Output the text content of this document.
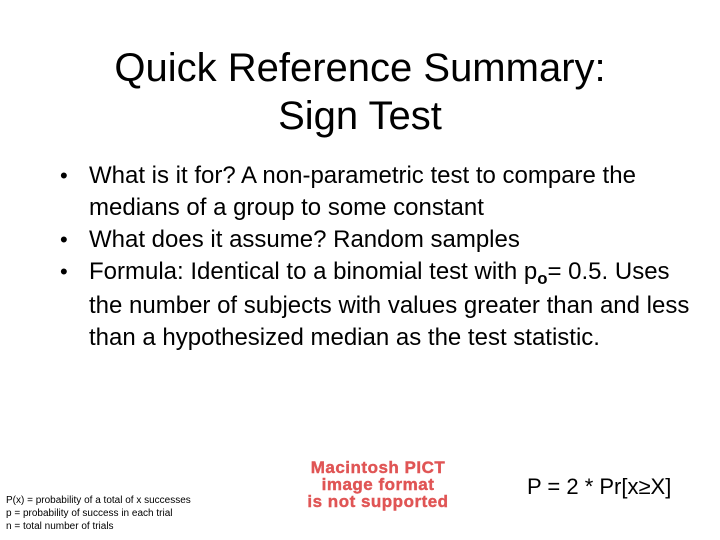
Quick Reference Summary:
Sign Test
• What is it for? A non-parametric test to compare the medians of a group to some constant
• What does it assume? Random samples
• Formula: Identical to a binomial test with $p_o= 0.5$. Uses the number of subjects with values greater than and less than a hypothesized median as the test statistic.
Macintosh PICT
image format
is not supported
P(x) = probability of a total of x successes
p = probability of success in each trial
n = total number of trials
P = 2 * Pr[x≥X]
